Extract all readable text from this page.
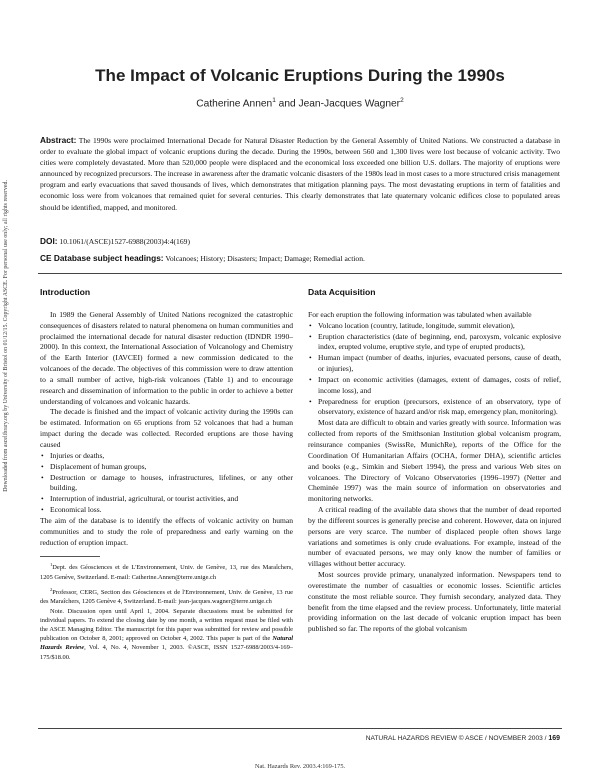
Downloaded from ascelibrary.org by University of Bristol on 01/12/15. Copyright ASCE. For personal use only; all rights reserved.
The Impact of Volcanic Eruptions During the 1990s
Catherine Annen$^1$ and Jean-Jacques Wagner$^2$
Abstract: The 1990s were proclaimed International Decade for Natural Disaster Reduction by the General Assembly of United Nations. We constructed a database in order to evaluate the global impact of volcanic eruptions during the decade. During the 1990s, between 560 and 1,300 lives were lost because of volcanic activity. Two cities were completely devastated. More than 520,000 people were displaced and the economical loss exceeded one billion U.S. dollars. The majority of eruptions were announced by recognized precursors. The increase in awareness after the dramatic volcanic disasters of the 1980s lead in most cases to a more structured crisis management program and early evacuations that saved thousands of lives, which demonstrates that mitigation planning pays. The most devastating eruptions in term of fatalities and economic loss were from volcanoes that remained quiet for several centuries. This clearly demonstrates that late quaternary volcanic edifices close to populated areas should be identified, mapped, and monitored.
DOI: 10.1061/(ASCE)1527-6988(2003)4:4(169)
CE Database subject headings: Volcanoes; History; Disasters; Impact; Damage; Remedial action.
Introduction

In 1989 the General Assembly of United Nations recognized the catastrophic consequences of disasters related to natural phenomena on human communities and proclaimed the international decade for natural disaster reduction (IDNDR 1990–2000). In this context, the International Association of Volcanology and Chemistry of the Earth Interior (IAVCEI) formed a new commission dedicated to the volcanoes of the decade. The objectives of this commission were to draw attention to a small number of active, high-risk volcanoes (Table 1) and to encourage research and dissemination of information to the public in order to achieve a better understanding of volcanoes and volcanic hazards.

The decade is finished and the impact of volcanic activity during the 1990s can be estimated. Information on 65 eruptions from 52 volcanoes that had a human impact during the decade was collected. Recorded eruptions are those having caused

• Injuries or deaths,
• Displacement of human groups,
• Destruction or damage to houses, infrastructures, lifelines, or any other building,
• Interruption of industrial, agricultural, or tourist activities, and
• Economical loss.

The aim of the database is to identify the effects of volcanic activity on human communities and to study the role of preparedness and early warning on the reduction of eruption impact.

$^1$Dept. des Géosciences et de L'Environnement, Univ. de Genève, 13, rue des Maraîchers, 1205 Genève, Switzerland. E-mail: Catherine.Annen@terre.unige.ch

$^2$Professor, CERG, Section des Géosciences et de l'Environnement, Univ. de Genève, 13 rue des Maraîchers, 1205 Genève 4, Switzerland. E-mail: jean-jacques.wagner@terre.unige.ch

Note. Discussion open until April 1, 2004. Separate discussions must be submitted for individual papers. To extend the closing date by one month, a written request must be filed with the ASCE Managing Editor. The manuscript for this paper was submitted for review and possible publication on October 8, 2001; approved on October 4, 2002. This paper is part of the Natural Hazards Review, Vol. 4, No. 4, November 1, 2003. ©ASCE, ISSN 1527-6988/2003/4-169–175/$18.00.

Data Acquisition

For each eruption the following information was tabulated when available

• Volcano location (country, latitude, longitude, summit elevation),
• Eruption characteristics (date of beginning, end, paroxysm, volcanic explosive index, erupted volume, eruptive style, and type of erupted products),
• Human impact (number of deaths, injuries, evacuated persons, cause of death, or injuries),
• Impact on economic activities (damages, extent of damages, costs of relief, income loss), and
• Preparedness for eruption (precursors, existence of an observatory, type of observatory, existence of hazard and/or risk map, emergency plan, monitoring).

Most data are difficult to obtain and varies greatly with source. Information was collected from reports of the Smithsonian Institution global volcanism program, reinsurance companies (SwissRe, MunichRe), reports of the Office for the Coordination Of Humanitarian Affairs (OCHA, former DHA), scientific articles and books (e.g., Simkin and Siebert 1994), the press and various Web sites on volcanoes. The Directory of Volcano Observatories (1996–1997) (Netter and Cheminée 1997) was the main source of information on observatories and monitoring networks.

A critical reading of the available data shows that the number of dead reported by the different sources is generally precise and coherent. However, data on injured persons are very scarce. The number of displaced people often shows large variations and sometimes is only crude evaluations. For example, instead of the number of evacuated persons, we may only know the number of families or villages without better accuracy.

Most sources provide primary, unanalyzed information. Newspapers tend to overestimate the number of casualties or economic losses. Scientific articles constitute the most reliable source. They furnish secondary, analyzed data. They benefit from the time elapsed and the review process. Unfortunately, little material providing information on the last decade of volcanic eruption impact has been published so far. The reports of the global volcanism

NATURAL HAZARDS REVIEW © ASCE / NOVEMBER 2003 / 169
Nat. Hazards Rev. 2003.4:169-175.
